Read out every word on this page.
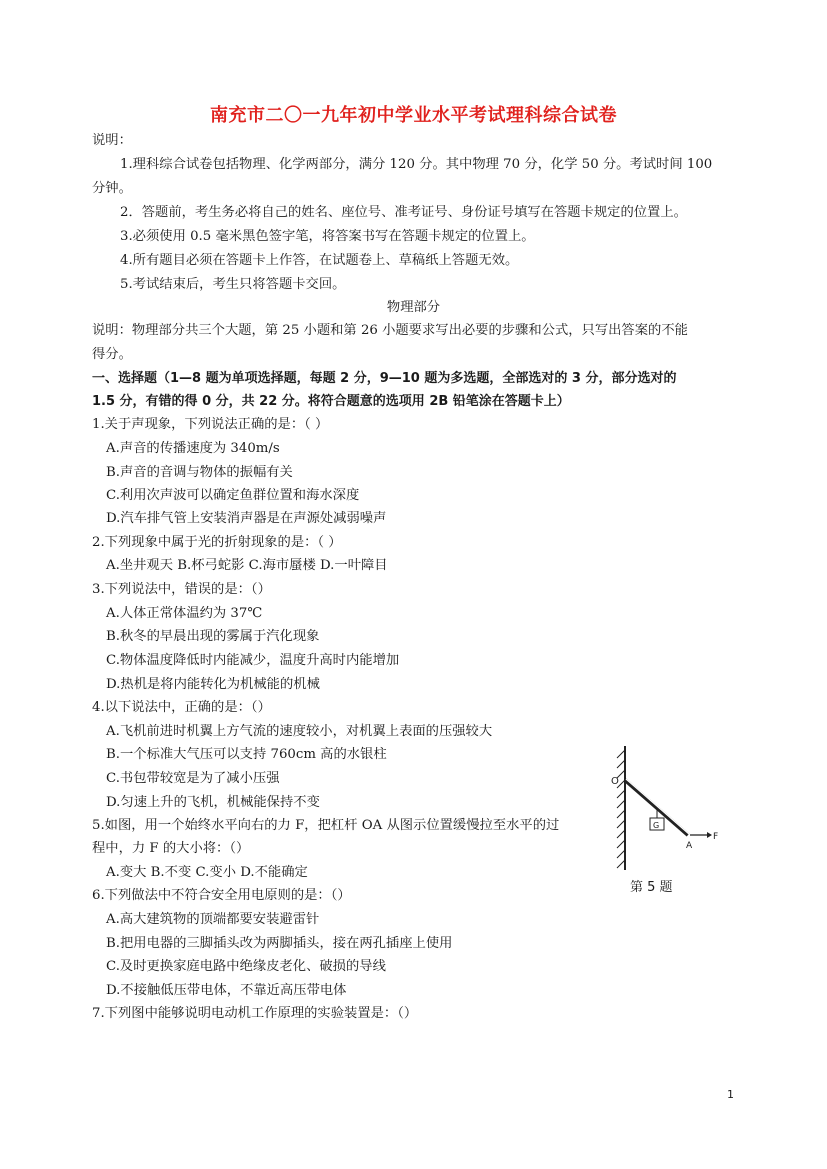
南充市二〇一九年初中学业水平考试理科综合试卷
说明：
1.理科综合试卷包括物理、化学两部分，满分 120 分。其中物理 70 分，化学 50 分。考试时间 100
分钟。
2．答题前，考生务必将自己的姓名、座位号、准考证号、身份证号填写在答题卡规定的位置上。
3.必须使用 0.5 毫米黑色签字笔，将答案书写在答题卡规定的位置上。
4.所有题目必须在答题卡上作答，在试题卷上、草稿纸上答题无效。
5.考试结束后，考生只将答题卡交回。
物理部分
说明：物理部分共三个大题，第 25 小题和第 26 小题要求写出必要的步骤和公式，只写出答案的不能
得分。
一、选择题（1—8 题为单项选择题，每题 2 分，9—10 题为多选题，全部选对的 3 分，部分选对的
1.5 分，有错的得 0 分，共 22 分。将符合题意的选项用 2B 铅笔涂在答题卡上）
1.关于声现象，下列说法正确的是：（ ）
A.声音的传播速度为 340m/s
B.声音的音调与物体的振幅有关
C.利用次声波可以确定鱼群位置和海水深度
D.汽车排气管上安装消声器是在声源处减弱噪声
2.下列现象中属于光的折射现象的是：（ ）
A.坐井观天 B.杯弓蛇影 C.海市蜃楼 D.一叶障目
3.下列说法中，错误的是：（）
A.人体正常体温约为 37℃
B.秋冬的早晨出现的雾属于汽化现象
C.物体温度降低时内能减少，温度升高时内能增加
D.热机是将内能转化为机械能的机械
4.以下说法中，正确的是：（）
A.飞机前进时机翼上方气流的速度较小，对机翼上表面的压强较大
B.一个标准大气压可以支持 760cm 高的水银柱
C.书包带较宽是为了减小压强
D.匀速上升的飞机，机械能保持不变
5.如图，用一个始终水平向右的力 F，把杠杆 OA 从图示位置缓慢拉至水平的过
程中，力 F 的大小将：（）
A.变大 B.不变 C.变小 D.不能确定
6.下列做法中不符合安全用电原则的是：（）
A.高大建筑物的顶端都要安装避雷针
B.把用电器的三脚插头改为两脚插头，接在两孔插座上使用
C.及时更换家庭电路中绝缘皮老化、破损的导线
D.不接触低压带电体，不靠近高压带电体
7.下列图中能够说明电动机工作原理的实验装置是：（）
O
G
A
F
第 5 题
1
